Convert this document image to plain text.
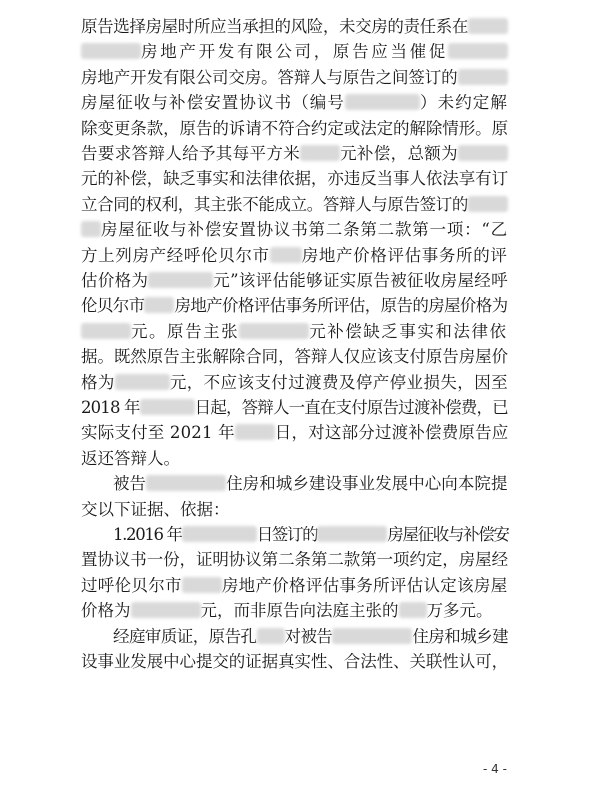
原告选择房屋时所应当承担的风险，未交房的责任系在
房地产开发有限公司，原告应当催促
房地产开发有限公司交房。答辩人与原告之间签订的
房屋征收与补偿安置协议书（编号	）未约定解
除变更条款，原告的诉请不符合约定或法定的解除情形。原
告要求答辩人给予其每平方米 元补偿，总额为
元的补偿，缺乏事实和法律依据，亦违反当事人依法享有订
立合同的权利，其主张不能成立。答辩人与原告签订的
房屋征收与补偿安置协议书第二条第二款第一项：“乙
方上列房产经呼伦贝尔市 房地产价格评估事务所的评
估价格为	元”该评估能够证实原告被征收房屋经呼
伦贝尔市 房地产价格评估事务所评估，原告的房屋价格为
元。原告主张	元补偿缺乏事实和法律依
据。既然原告主张解除合同，答辩人仅应该支付原告房屋价
格为	元，不应该支付过渡费及停产停业损失，因至
2018 年	日起，答辩人一直在支付原告过渡补偿费，已
实际支付至 2021 年 日，对这部分过渡补偿费原告应
返还答辩人。
被告	住房和城乡建设事业发展中心向本院提
交以下证据、依据：
1.2016 年	日签订的	房屋征收与补偿安
置协议书一份，证明协议第二条第二款第一项约定，房屋经
过呼伦贝尔市 房地产价格评估事务所评估认定该房屋
价格为	元，而非原告向法庭主张的 万多元。
经庭审质证，原告孔 对被告	住房和城乡建
设事业发展中心提交的证据真实性、合法性、关联性认可，
- 4 -
